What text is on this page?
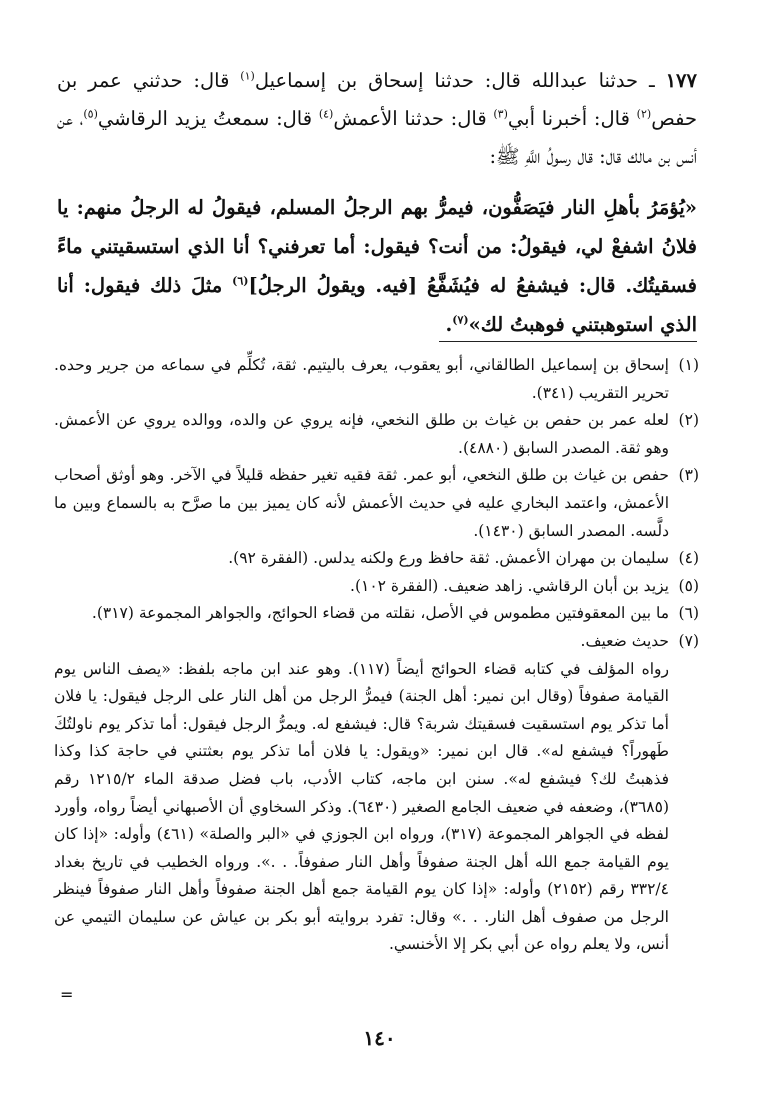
١٧٧ ـ حدثنا عبدالله قال: حدثنا إسحاق بن إسماعيل$^{(١)}$ قال: حدثني عمر بن حفص$^{(٢)}$ قال: أخبرنا أبي$^{(٣)}$ قال: حدثنا الأعمش$^{(٤)}$ قال: سمعتُ يزيد الرقاشي$^{(٥)}$، عن أنس بن مالك قال: قال رسولُ اللَّهِ ﷺ:

«يُؤمَرُ بأهلِ النار فيَصَفُّون، فيمرُّ بهم الرجلُ المسلم، فيقولُ له الرجلُ منهم: يا فلانُ اشفعْ لي، فيقولُ: من أنت؟ فيقول: أما تعرفني؟ أنا الذي استسقيتني ماءً فسقيتُك. قال: فيشفعُ له فيُشَفَّعُ [فيه. ويقولُ الرجلُ]$^{(٦)}$ مثلَ ذلك فيقول: أنا الذي استوهبتني فوهبتُ لك»$^{(٧)}$.

(١)
إسحاق بن إسماعيل الطالقاني، أبو يعقوب، يعرف باليتيم. ثقة، تُكلِّم في سماعه من جرير وحده. تحرير التقريب (٣٤١).
(٢)
لعله عمر بن حفص بن غياث بن طلق النخعي، فإنه يروي عن والده، ووالده يروي عن الأعمش. وهو ثقة. المصدر السابق (٤٨٨٠).
(٣)
حفص بن غياث بن طلق النخعي، أبو عمر. ثقة فقيه تغير حفظه قليلاً في الآخر. وهو أوثق أصحاب الأعمش، واعتمد البخاري عليه في حديث الأعمش لأنه كان يميز بين ما صرَّح به بالسماع وبين ما دلَّسه. المصدر السابق (١٤٣٠).
(٤)
سليمان بن مهران الأعمش. ثقة حافظ ورع ولكنه يدلس. (الفقرة ٩٢).
(٥)
يزيد بن أبان الرقاشي. زاهد ضعيف. (الفقرة ١٠٢).
(٦)
ما بين المعقوفتين مطموس في الأصل، نقلته من قضاء الحوائج، والجواهر المجموعة (٣١٧).
(٧)

حديث ضعيف.

رواه المؤلف في كتابه قضاء الحوائج أيضاً (١١٧). وهو عند ابن ماجه بلفظ: «يصف الناس يوم القيامة صفوفاً (وقال ابن نمير: أهل الجنة) فيمرُّ الرجل من أهل النار على الرجل فيقول: يا فلان أما تذكر يوم استسقيت فسقيتك شربة؟ قال: فيشفع له. ويمرُّ الرجل فيقول: أما تذكر يوم ناولتُكَ طَهوراً؟ فيشفع له». قال ابن نمير: «ويقول: يا فلان أما تذكر يوم بعثتني في حاجة كذا وكذا فذهبتُ لك؟ فيشفع له». سنن ابن ماجه، كتاب الأدب، باب فضل صدقة الماء ١٢١٥/٢ رقم (٣٦٨٥)، وضعفه في ضعيف الجامع الصغير (٦٤٣٠). وذكر السخاوي أن الأصبهاني أيضاً رواه، وأورد لفظه في الجواهر المجموعة (٣١٧)، ورواه ابن الجوزي في «البر والصلة» (٤٦١) وأوله: «إذا كان يوم القيامة جمع الله أهل الجنة صفوفاً وأهل النار صفوفاً. . .». ورواه الخطيب في تاريخ بغداد ٣٣٢/٤ رقم (٢١٥٢) وأوله: «إذا كان يوم القيامة جمع أهل الجنة صفوفاً وأهل النار صفوفاً فينظر الرجل من صفوف أهل النار. . .» وقال: تفرد بروايته أبو بكر بن عياش عن سليمان التيمي عن أنس، ولا يعلم رواه عن أبي بكر إلا الأخنسي.

=
١٤٠
